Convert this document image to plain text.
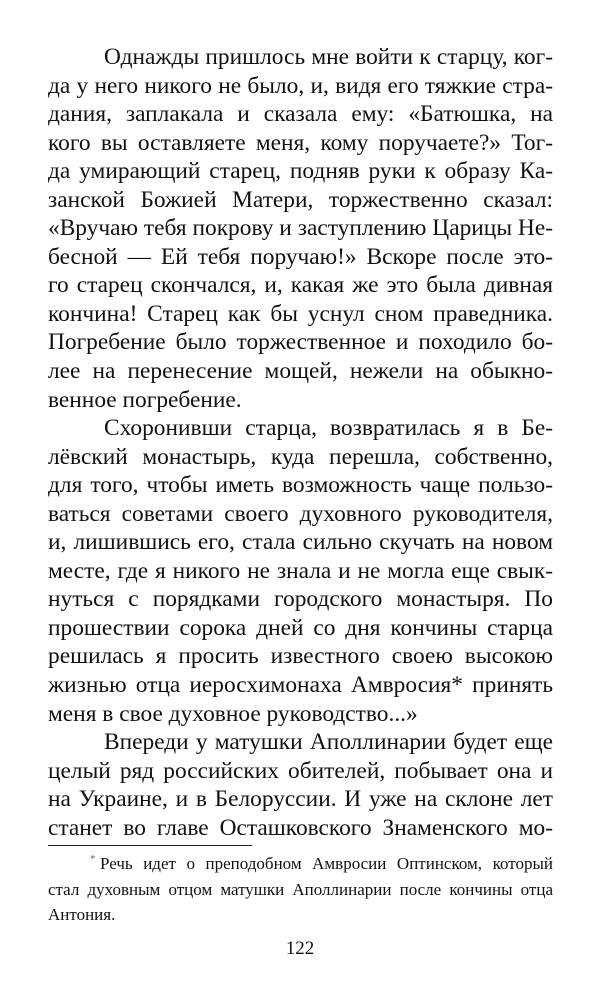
Однажды пришлось мне войти к старцу, ког-
да у него никого не было, и, видя его тяжкие стра-
дания, заплакала и сказала ему: «Батюшка, на
кого вы оставляете меня, кому поручаете?» Тог-
да умирающий старец, подняв руки к образу Ка-
занской Божией Матери, торжественно сказал:
«Вручаю тебя покрову и заступлению Царицы Не-
бесной — Ей тебя поручаю!» Вскоре после это-
го старец скончался, и, какая же это была дивная
кончина! Старец как бы уснул сном праведника.
Погребение было торжественное и походило бо-
лее на перенесение мощей, нежели на обыкно-
венное погребение.
Схоронивши старца, возвратилась я в Бе-
лёвский монастырь, куда перешла, собственно,
для того, чтобы иметь возможность чаще пользо-
ваться советами своего духовного руководителя,
и, лишившись его, стала сильно скучать на новом
месте, где я никого не знала и не могла еще свык-
нуться с порядками городского монастыря. По
прошествии сорока дней со дня кончины старца
решилась я просить известного своею высокою
жизнью отца иеросхимонаха Амвросия* принять
меня в свое духовное руководство...»
Впереди у матушки Аполлинарии будет еще
целый ряд российских обителей, побывает она и
на Украине, и в Белоруссии. И уже на склоне лет
станет во главе Осташковского Знаменского мо-
* Речь идет о преподобном Амвросии Оптинском, который
стал духовным отцом матушки Аполлинарии после кончины отца
Антония.
122
